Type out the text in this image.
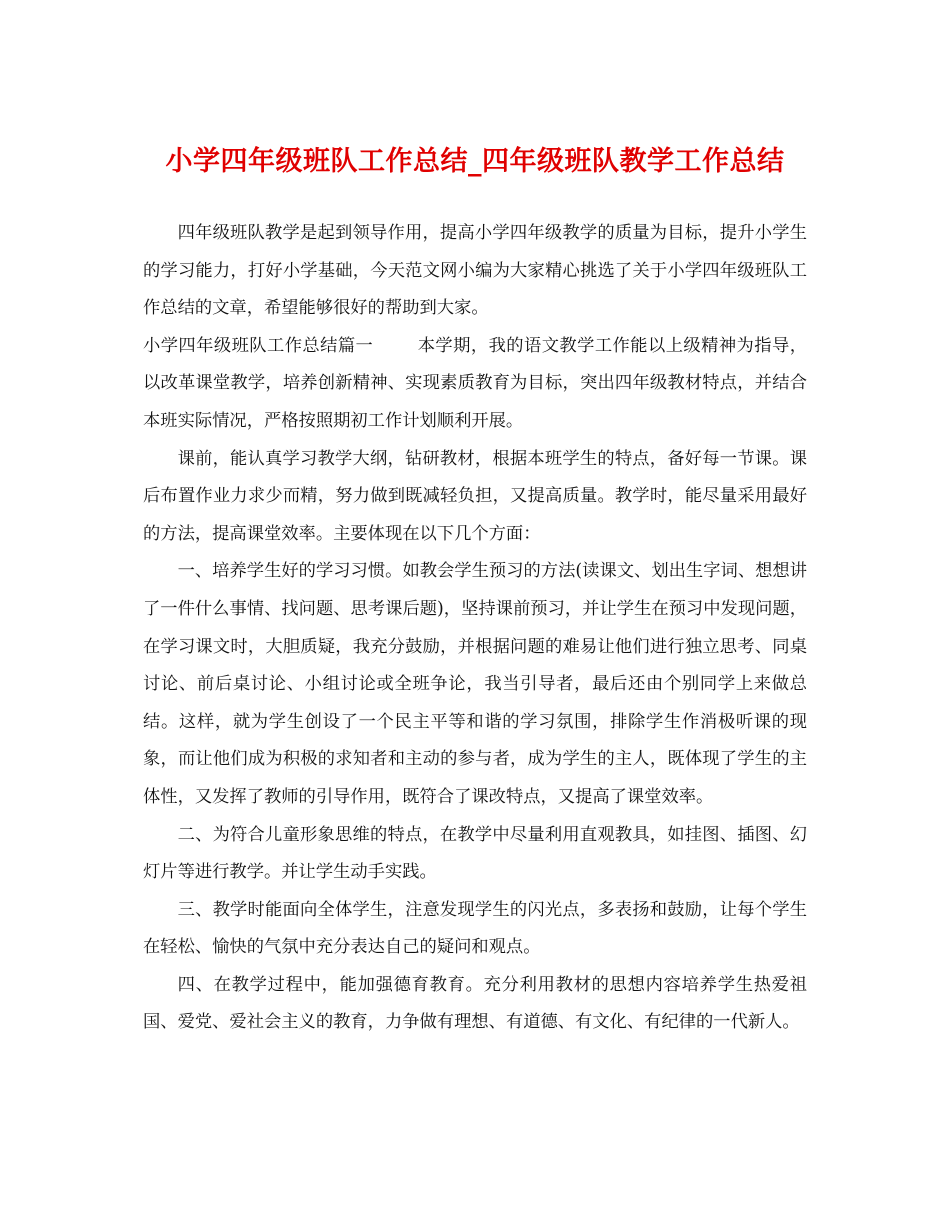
小学四年级班队工作总结_四年级班队教学工作总结

四年级班队教学是起到领导作用，提高小学四年级教学的质量为目标，提升小学生的学习能力，打好小学基础，今天范文网小编为大家精心挑选了关于小学四年级班队工作总结的文章，希望能够很好的帮助到大家。

小学四年级班队工作总结篇一	本学期，我的语文教学工作能以上级精神为指导，以改革课堂教学，培养创新精神、实现素质教育为目标，突出四年级教材特点，并结合本班实际情况，严格按照期初工作计划顺利开展。

课前，能认真学习教学大纲，钻研教材，根据本班学生的特点，备好每一节课。课后布置作业力求少而精，努力做到既减轻负担，又提高质量。教学时，能尽量采用最好的方法，提高课堂效率。主要体现在以下几个方面：

一、培养学生好的学习习惯。如教会学生预习的方法(读课文、划出生字词、想想讲了一件什么事情、找问题、思考课后题)，坚持课前预习，并让学生在预习中发现问题，在学习课文时，大胆质疑，我充分鼓励，并根据问题的难易让他们进行独立思考、同桌讨论、前后桌讨论、小组讨论或全班争论，我当引导者，最后还由个别同学上来做总结。这样，就为学生创设了一个民主平等和谐的学习氛围，排除学生作消极听课的现象，而让他们成为积极的求知者和主动的参与者，成为学生的主人，既体现了学生的主体性，又发挥了教师的引导作用，既符合了课改特点，又提高了课堂效率。

二、为符合儿童形象思维的特点，在教学中尽量利用直观教具，如挂图、插图、幻灯片等进行教学。并让学生动手实践。

三、教学时能面向全体学生，注意发现学生的闪光点，多表扬和鼓励，让每个学生在轻松、愉快的气氛中充分表达自己的疑问和观点。

四、在教学过程中，能加强德育教育。充分利用教材的思想内容培养学生热爱祖国、爱党、爱社会主义的教育，力争做有理想、有道德、有文化、有纪律的一代新人。
